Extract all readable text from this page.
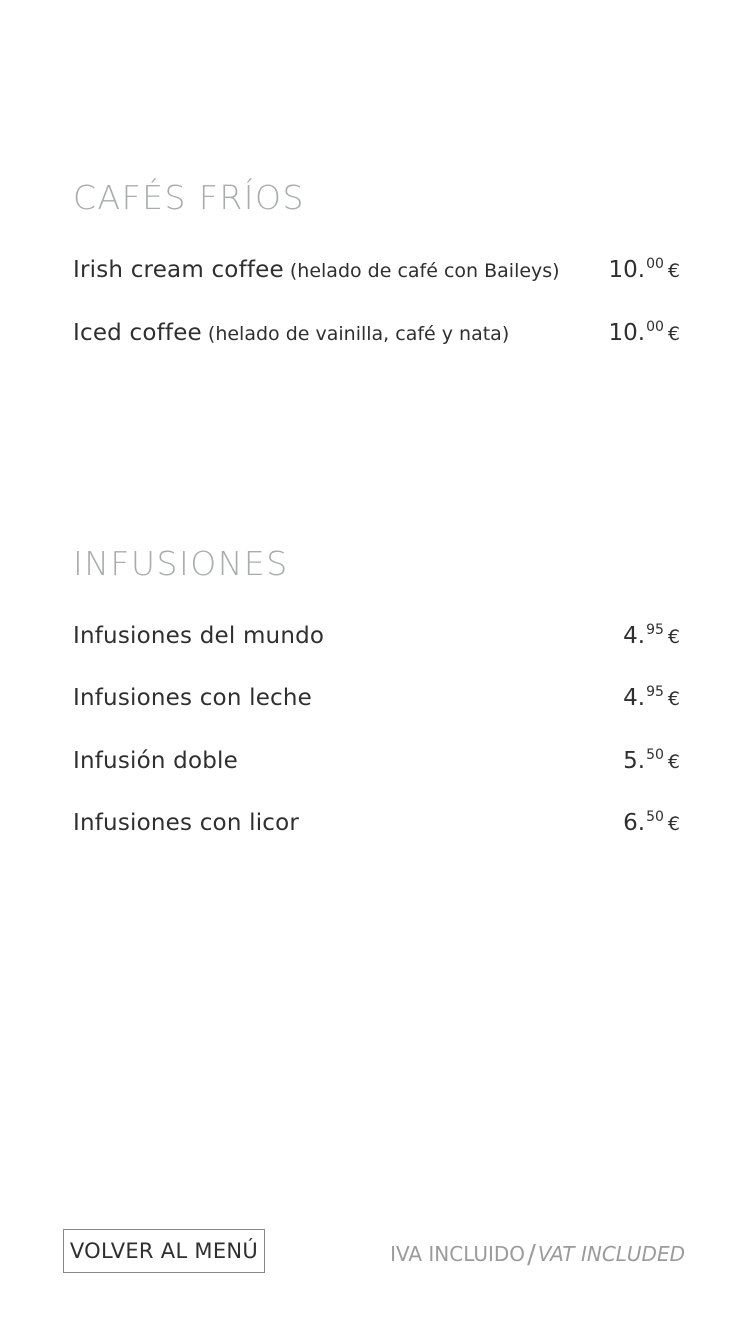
CAFÉS FRÍOS
Irish cream coffee (helado de café con Baileys) 10.00 €
Iced coffee (helado de vainilla, café y nata)	10.00 €
INFUSIONES
Infusiones del mundo	4.95 €
Infusiones con leche	4.95 €
Infusión doble	5.50 €
Infusiones con licor	6.50 €
VOLVER AL MENÚ	IVA INCLUIDO/ VAT INCLUDED
